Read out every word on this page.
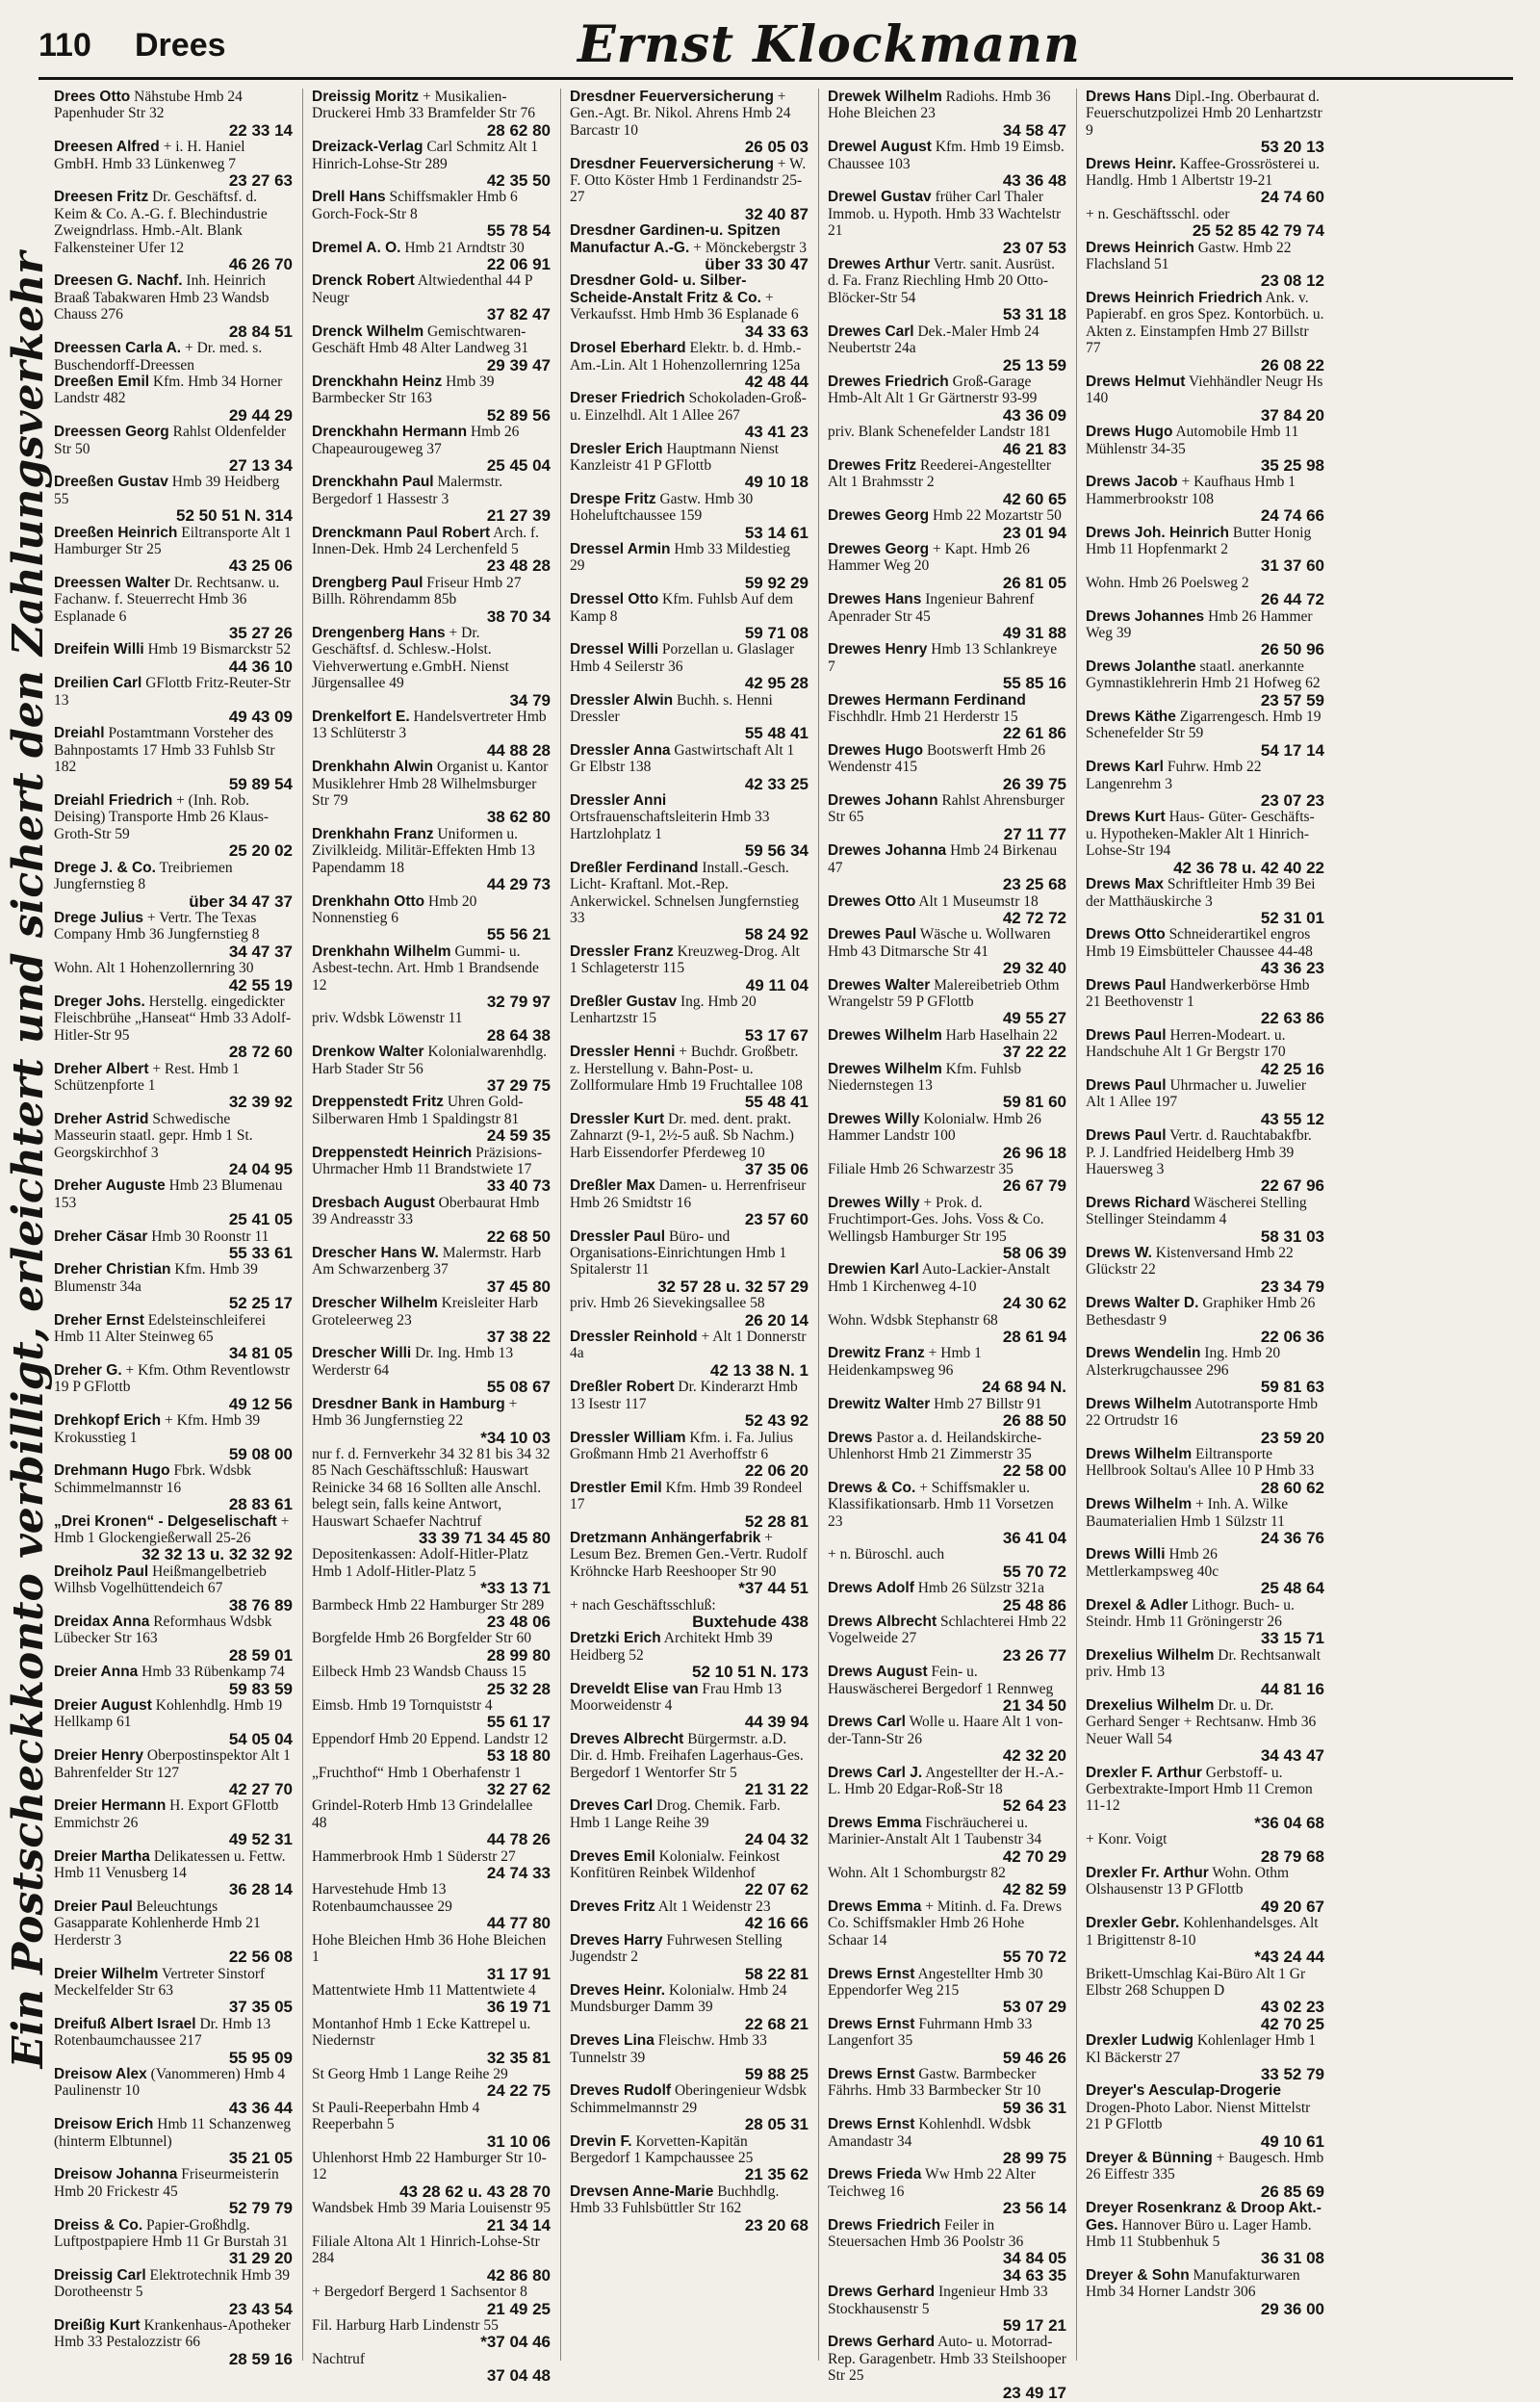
110 Drees	Ernst Klockmann
Ein Postscheckkonto verbilligt, erleichtert und sichert den Zahlungsverkehr
Drees Otto Nähstube Hmb 24 Papenhuder Str 32
22 33 14
Dreesen Alfred + i. H. Haniel GmbH. Hmb 33 Lünkenweg 7
23 27 63
Dreesen Fritz Dr. Geschäftsf. d. Keim & Co. A.-G. f. Blechindustrie Zweigndrlass. Hmb.-Alt. Blank Falkensteiner Ufer 12
46 26 70
Dreesen G. Nachf. Inh. Heinrich Braaß Tabakwaren Hmb 23 Wandsb Chauss 276
28 84 51
Dreessen Carla A. + Dr. med. s. Buschendorff-Dreessen
Dreeßen Emil Kfm. Hmb 34 Horner Landstr 482
29 44 29
Dreessen Georg Rahlst Oldenfelder Str 50
27 13 34
Dreeßen Gustav Hmb 39 Heidberg 55
52 50 51 N. 314
Dreeßen Heinrich Eiltransporte Alt 1 Hamburger Str 25
43 25 06
Dreessen Walter Dr. Rechtsanw. u. Fachanw. f. Steuerrecht Hmb 36 Esplanade 6
35 27 26
Dreifein Willi Hmb 19 Bismarckstr 52
44 36 10
Dreilien Carl GFlottb Fritz-Reuter-Str 13
49 43 09
Dreiahl Postamtmann Vorsteher des Bahnpostamts 17 Hmb 33 Fuhlsb Str 182
59 89 54
Dreiahl Friedrich + (Inh. Rob. Deising) Transporte Hmb 26 Klaus-Groth-Str 59
25 20 02
Drege J. & Co. Treibriemen Jungfernstieg 8
über 34 47 37
Drege Julius + Vertr. The Texas Company Hmb 36 Jungfernstieg 8
34 47 37
Wohn. Alt 1 Hohenzollernring 30
42 55 19
Dreger Johs. Herstellg. eingedickter Fleischbrühe „Hanseat“ Hmb 33 Adolf-Hitler-Str 95
28 72 60
Dreher Albert + Rest. Hmb 1 Schützenpforte 1
32 39 92
Dreher Astrid Schwedische Masseurin staatl. gepr. Hmb 1 St. Georgskirchhof 3
24 04 95
Dreher Auguste Hmb 23 Blumenau 153
25 41 05
Dreher Cäsar Hmb 30 Roonstr 11
55 33 61
Dreher Christian Kfm. Hmb 39 Blumenstr 34a
52 25 17
Dreher Ernst Edelsteinschleiferei Hmb 11 Alter Steinweg 65
34 81 05
Dreher G. + Kfm. Othm Reventlowstr 19 P GFlottb
49 12 56
Drehkopf Erich + Kfm. Hmb 39 Krokusstieg 1
59 08 00
Drehmann Hugo Fbrk. Wdsbk Schimmelmannstr 16
28 83 61
„Drei Kronen“ - Delgeselischaft + Hmb 1 Glockengießerwall 25-26
32 32 13 u. 32 32 92
Dreiholz Paul Heißmangelbetrieb Wilhsb Vogelhüttendeich 67
38 76 89
Dreidax Anna Reformhaus Wdsbk Lübecker Str 163
28 59 01
Dreier Anna Hmb 33 Rübenkamp 74
59 83 59
Dreier August Kohlenhdlg. Hmb 19 Hellkamp 61
54 05 04
Dreier Henry Oberpostinspektor Alt 1 Bahrenfelder Str 127
42 27 70
Dreier Hermann H. Export GFlottb Emmichstr 26
49 52 31
Dreier Martha Delikatessen u. Fettw. Hmb 11 Venusberg 14
36 28 14
Dreier Paul Beleuchtungs Gasapparate Kohlenherde Hmb 21 Herderstr 3
22 56 08
Dreier Wilhelm Vertreter Sinstorf Meckelfelder Str 63
37 35 05
Dreifuß Albert Israel Dr. Hmb 13 Rotenbaumchaussee 217
55 95 09
Dreisow Alex (Vanommeren) Hmb 4 Paulinenstr 10
43 36 44
Dreisow Erich Hmb 11 Schanzenweg (hinterm Elbtunnel)
35 21 05
Dreisow Johanna Friseurmeisterin Hmb 20 Frickestr 45
52 79 79
Dreiss & Co. Papier-Großhdlg. Luftpostpapiere Hmb 11 Gr Burstah 31
31 29 20
Dreissig Carl Elektrotechnik Hmb 39 Dorotheenstr 5
23 43 54
Dreißig Kurt Krankenhaus-Apotheker Hmb 33 Pestalozzistr 66
28 59 16
Dreissig Moritz + Musikalien-Druckerei Hmb 33 Bramfelder Str 76
28 62 80
Dreizack-Verlag Carl Schmitz Alt 1 Hinrich-Lohse-Str 289
42 35 50
Drell Hans Schiffsmakler Hmb 6 Gorch-Fock-Str 8
55 78 54
Dremel A. O. Hmb 21 Arndtstr 30
22 06 91
Drenck Robert Altwiedenthal 44 P Neugr
37 82 47
Drenck Wilhelm Gemischtwaren-Geschäft Hmb 48 Alter Landweg 31
29 39 47
Drenckhahn Heinz Hmb 39 Barmbecker Str 163
52 89 56
Drenckhahn Hermann Hmb 26 Chapeaurougeweg 37
25 45 04
Drenckhahn Paul Malermstr. Bergedorf 1 Hassestr 3
21 27 39
Drenckmann Paul Robert Arch. f. Innen-Dek. Hmb 24 Lerchenfeld 5
23 48 28
Drengberg Paul Friseur Hmb 27 Billh. Röhrendamm 85b
38 70 34
Drengenberg Hans + Dr. Geschäftsf. d. Schlesw.-Holst. Viehverwertung e.GmbH. Nienst Jürgensallee 49
34 79
Drenkelfort E. Handelsvertreter Hmb 13 Schlüterstr 3
44 88 28
Drenkhahn Alwin Organist u. Kantor Musiklehrer Hmb 28 Wilhelmsburger Str 79
38 62 80
Drenkhahn Franz Uniformen u. Zivilkleidg. Militär-Effekten Hmb 13 Papendamm 18
44 29 73
Drenkhahn Otto Hmb 20 Nonnenstieg 6
55 56 21
Drenkhahn Wilhelm Gummi- u. Asbest-techn. Art. Hmb 1 Brandsende 12
32 79 97
priv. Wdsbk Löwenstr 11
28 64 38
Drenkow Walter Kolonialwarenhdlg. Harb Stader Str 56
37 29 75
Dreppenstedt Fritz Uhren Gold-Silberwaren Hmb 1 Spaldingstr 81
24 59 35
Dreppenstedt Heinrich Präzisions-Uhrmacher Hmb 11 Brandstwiete 17
33 40 73
Dresbach August Oberbaurat Hmb 39 Andreasstr 33
22 68 50
Drescher Hans W. Malermstr. Harb Am Schwarzenberg 37
37 45 80
Drescher Wilhelm Kreisleiter Harb Groteleerweg 23
37 38 22
Drescher Willi Dr. Ing. Hmb 13 Werderstr 64
55 08 67
Dresdner Bank in Hamburg + Hmb 36 Jungfernstieg 22
*34 10 03
nur f. d. Fernverkehr 34 32 81 bis 34 32 85 Nach Geschäftsschluß: Hauswart Reinicke 34 68 16 Sollten alle Anschl. belegt sein, falls keine Antwort, Hauswart Schaefer Nachtruf
33 39 71 34 45 80
Depositenkassen: Adolf-Hitler-Platz Hmb 1 Adolf-Hitler-Platz 5
*33 13 71
Barmbeck Hmb 22 Hamburger Str 289
23 48 06
Borgfelde Hmb 26 Borgfelder Str 60
28 99 80
Eilbeck Hmb 23 Wandsb Chauss 15
25 32 28
Eimsb. Hmb 19 Tornquiststr 4
55 61 17
Eppendorf Hmb 20 Eppend. Landstr 12
53 18 80
„Fruchthof“ Hmb 1 Oberhafenstr 1
32 27 62
Grindel-Roterb Hmb 13 Grindelallee 48
44 78 26
Hammerbrook Hmb 1 Süderstr 27
24 74 33
Harvestehude Hmb 13 Rotenbaumchaussee 29
44 77 80
Hohe Bleichen Hmb 36 Hohe Bleichen 1
31 17 91
Mattentwiete Hmb 11 Mattentwiete 4
36 19 71
Montanhof Hmb 1 Ecke Kattrepel u. Niedernstr
32 35 81
St Georg Hmb 1 Lange Reihe 29
24 22 75
St Pauli-Reeperbahn Hmb 4 Reeperbahn 5
31 10 06
Uhlenhorst Hmb 22 Hamburger Str 10-12
43 28 62 u. 43 28 70
Wandsbek Hmb 39 Maria Louisenstr 95
21 34 14
Filiale Altona Alt 1 Hinrich-Lohse-Str 284
42 86 80
+ Bergedorf Bergerd 1 Sachsentor 8
21 49 25
Fil. Harburg Harb Lindenstr 55
*37 04 46
Nachtruf
37 04 48
Dresdner Feuerversicherung + Gen.-Agt. Br. Nikol. Ahrens Hmb 24 Barcastr 10
26 05 03
Dresdner Feuerversicherung + W. F. Otto Köster Hmb 1 Ferdinandstr 25-27
32 40 87
Dresdner Gardinen-u. Spitzen Manufactur A.-G. + Mönckebergstr 3
über 33 30 47
Dresdner Gold- u. Silber-Scheide-Anstalt Fritz & Co. + Verkaufsst. Hmb Hmb 36 Esplanade 6
34 33 63
Drosel Eberhard Elektr. b. d. Hmb.-Am.-Lin. Alt 1 Hohenzollernring 125a
42 48 44
Dreser Friedrich Schokoladen-Groß- u. Einzelhdl. Alt 1 Allee 267
43 41 23
Dresler Erich Hauptmann Nienst Kanzleistr 41 P GFlottb
49 10 18
Drespe Fritz Gastw. Hmb 30 Hoheluftchaussee 159
53 14 61
Dressel Armin Hmb 33 Mildestieg 29
59 92 29
Dressel Otto Kfm. Fuhlsb Auf dem Kamp 8
59 71 08
Dressel Willi Porzellan u. Glaslager Hmb 4 Seilerstr 36
42 95 28
Dressler Alwin Buchh. s. Henni Dressler
55 48 41
Dressler Anna Gastwirtschaft Alt 1 Gr Elbstr 138
42 33 25
Dressler Anni Ortsfrauenschaftsleiterin Hmb 33 Hartzlohplatz 1
59 56 34
Dreßler Ferdinand Install.-Gesch. Licht- Kraftanl. Mot.-Rep. Ankerwickel. Schnelsen Jungfernstieg 33
58 24 92
Dressler Franz Kreuzweg-Drog. Alt 1 Schlageterstr 115
49 11 04
Dreßler Gustav Ing. Hmb 20 Lenhartzstr 15
53 17 67
Dressler Henni + Buchdr. Großbetr. z. Herstellung v. Bahn-Post- u. Zollformulare Hmb 19 Fruchtallee 108
55 48 41
Dressler Kurt Dr. med. dent. prakt. Zahnarzt (9-1, 2½-5 auß. Sb Nachm.) Harb Eissendorfer Pferdeweg 10
37 35 06
Dreßler Max Damen- u. Herrenfriseur Hmb 26 Smidtstr 16
23 57 60
Dressler Paul Büro- und Organisations-Einrichtungen Hmb 1 Spitalerstr 11
32 57 28 u. 32 57 29
priv. Hmb 26 Sievekingsallee 58
26 20 14
Dressler Reinhold + Alt 1 Donnerstr 4a
42 13 38 N. 1
Dreßler Robert Dr. Kinderarzt Hmb 13 Isestr 117
52 43 92
Dressler William Kfm. i. Fa. Julius Großmann Hmb 21 Averhoffstr 6
22 06 20
Drestler Emil Kfm. Hmb 39 Rondeel 17
52 28 81
Dretzmann Anhängerfabrik + Lesum Bez. Bremen Gen.-Vertr. Rudolf Kröhncke Harb Reeshooper Str 90
*37 44 51
+ nach Geschäftsschluß:
Buxtehude 438
Dretzki Erich Architekt Hmb 39 Heidberg 52
52 10 51 N. 173
Dreveldt Elise van Frau Hmb 13 Moorweidenstr 4
44 39 94
Dreves Albrecht Bürgermstr. a.D. Dir. d. Hmb. Freihafen Lagerhaus-Ges. Bergedorf 1 Wentorfer Str 5
21 31 22
Dreves Carl Drog. Chemik. Farb. Hmb 1 Lange Reihe 39
24 04 32
Dreves Emil Kolonialw. Feinkost Konfitüren Reinbek Wildenhof
22 07 62
Dreves Fritz Alt 1 Weidenstr 23
42 16 66
Dreves Harry Fuhrwesen Stelling Jugendstr 2
58 22 81
Dreves Heinr. Kolonialw. Hmb 24 Mundsburger Damm 39
22 68 21
Dreves Lina Fleischw. Hmb 33 Tunnelstr 39
59 88 25
Dreves Rudolf Oberingenieur Wdsbk Schimmelmannstr 29
28 05 31
Drevin F. Korvetten-Kapitän Bergedorf 1 Kampchaussee 25
21 35 62
Drevsen Anne-Marie Buchhdlg. Hmb 33 Fuhlsbüttler Str 162
23 20 68
Drewek Wilhelm Radiohs. Hmb 36 Hohe Bleichen 23
34 58 47
Drewel August Kfm. Hmb 19 Eimsb. Chaussee 103
43 36 48
Drewel Gustav früher Carl Thaler Immob. u. Hypoth. Hmb 33 Wachtelstr 21
23 07 53
Drewes Arthur Vertr. sanit. Ausrüst. d. Fa. Franz Riechling Hmb 20 Otto-Blöcker-Str 54
53 31 18
Drewes Carl Dek.-Maler Hmb 24 Neubertstr 24a
25 13 59
Drewes Friedrich Groß-Garage Hmb-Alt Alt 1 Gr Gärtnerstr 93-99
43 36 09
priv. Blank Schenefelder Landstr 181
46 21 83
Drewes Fritz Reederei-Angestellter Alt 1 Brahmsstr 2
42 60 65
Drewes Georg Hmb 22 Mozartstr 50
23 01 94
Drewes Georg + Kapt. Hmb 26 Hammer Weg 20
26 81 05
Drewes Hans Ingenieur Bahrenf Apenrader Str 45
49 31 88
Drewes Henry Hmb 13 Schlankreye 7
55 85 16
Drewes Hermann Ferdinand Fischhdlr. Hmb 21 Herderstr 15
22 61 86
Drewes Hugo Bootswerft Hmb 26 Wendenstr 415
26 39 75
Drewes Johann Rahlst Ahrensburger Str 65
27 11 77
Drewes Johanna Hmb 24 Birkenau 47
23 25 68
Drewes Otto Alt 1 Museumstr 18
42 72 72
Drewes Paul Wäsche u. Wollwaren Hmb 43 Ditmarsche Str 41
29 32 40
Drewes Walter Malereibetrieb Othm Wrangelstr 59 P GFlottb
49 55 27
Drewes Wilhelm Harb Haselhain 22
37 22 22
Drewes Wilhelm Kfm. Fuhlsb Niedernstegen 13
59 81 60
Drewes Willy Kolonialw. Hmb 26 Hammer Landstr 100
26 96 18
Filiale Hmb 26 Schwarzestr 35
26 67 79
Drewes Willy + Prok. d. Fruchtimport-Ges. Johs. Voss & Co. Wellingsb Hamburger Str 195
58 06 39
Drewien Karl Auto-Lackier-Anstalt Hmb 1 Kirchenweg 4-10
24 30 62
Wohn. Wdsbk Stephanstr 68
28 61 94
Drewitz Franz + Hmb 1 Heidenkampsweg 96
24 68 94 N.
Drewitz Walter Hmb 27 Billstr 91
26 88 50
Drews Pastor a. d. Heilandskirche-Uhlenhorst Hmb 21 Zimmerstr 35
22 58 00
Drews & Co. + Schiffsmakler u. Klassifikationsarb. Hmb 11 Vorsetzen 23
36 41 04
+ n. Büroschl. auch
55 70 72
Drews Adolf Hmb 26 Sülzstr 321a
25 48 86
Drews Albrecht Schlachterei Hmb 22 Vogelweide 27
23 26 77
Drews August Fein- u. Hauswäscherei Bergedorf 1 Rennweg
21 34 50
Drews Carl Wolle u. Haare Alt 1 von-der-Tann-Str 26
42 32 20
Drews Carl J. Angestellter der H.-A.-L. Hmb 20 Edgar-Roß-Str 18
52 64 23
Drews Emma Fischräucherei u. Marinier-Anstalt Alt 1 Taubenstr 34
42 70 29
Wohn. Alt 1 Schomburgstr 82
42 82 59
Drews Emma + Mitinh. d. Fa. Drews Co. Schiffsmakler Hmb 26 Hohe Schaar 14
55 70 72
Drews Ernst Angestellter Hmb 30 Eppendorfer Weg 215
53 07 29
Drews Ernst Fuhrmann Hmb 33 Langenfort 35
59 46 26
Drews Ernst Gastw. Barmbecker Fährhs. Hmb 33 Barmbecker Str 10
59 36 31
Drews Ernst Kohlenhdl. Wdsbk Amandastr 34
28 99 75
Drews Frieda Ww Hmb 22 Alter Teichweg 16
23 56 14
Drews Friedrich Feiler in Steuersachen Hmb 36 Poolstr 36
34 84 05
34 63 35
Drews Gerhard Ingenieur Hmb 33 Stockhausenstr 5
59 17 21
Drews Gerhard Auto- u. Motorrad-Rep. Garagenbetr. Hmb 33 Steilshooper Str 25
23 49 17
Drews Hans Dipl.-Ing. Oberbaurat d. Feuerschutzpolizei Hmb 20 Lenhartzstr 9
53 20 13
Drews Heinr. Kaffee-Grossrösterei u. Handlg. Hmb 1 Albertstr 19-21
24 74 60
+ n. Geschäftsschl. oder
25 52 85 42 79 74
Drews Heinrich Gastw. Hmb 22 Flachsland 51
23 08 12
Drews Heinrich Friedrich Ank. v. Papierabf. en gros Spez. Kontorbüch. u. Akten z. Einstampfen Hmb 27 Billstr 77
26 08 22
Drews Helmut Viehhändler Neugr Hs 140
37 84 20
Drews Hugo Automobile Hmb 11 Mühlenstr 34-35
35 25 98
Drews Jacob + Kaufhaus Hmb 1 Hammerbrookstr 108
24 74 66
Drews Joh. Heinrich Butter Honig Hmb 11 Hopfenmarkt 2
31 37 60
Wohn. Hmb 26 Poelsweg 2
26 44 72
Drews Johannes Hmb 26 Hammer Weg 39
26 50 96
Drews Jolanthe staatl. anerkannte Gymnastiklehrerin Hmb 21 Hofweg 62
23 57 59
Drews Käthe Zigarrengesch. Hmb 19 Schenefelder Str 59
54 17 14
Drews Karl Fuhrw. Hmb 22 Langenrehm 3
23 07 23
Drews Kurt Haus- Güter- Geschäfts- u. Hypotheken-Makler Alt 1 Hinrich-Lohse-Str 194
42 36 78 u. 42 40 22
Drews Max Schriftleiter Hmb 39 Bei der Matthäuskirche 3
52 31 01
Drews Otto Schneiderartikel engros Hmb 19 Eimsbütteler Chaussee 44-48
43 36 23
Drews Paul Handwerkerbörse Hmb 21 Beethovenstr 1
22 63 86
Drews Paul Herren-Modeart. u. Handschuhe Alt 1 Gr Bergstr 170
42 25 16
Drews Paul Uhrmacher u. Juwelier Alt 1 Allee 197
43 55 12
Drews Paul Vertr. d. Rauchtabakfbr. P. J. Landfried Heidelberg Hmb 39 Hauersweg 3
22 67 96
Drews Richard Wäscherei Stelling Stellinger Steindamm 4
58 31 03
Drews W. Kistenversand Hmb 22 Glückstr 22
23 34 79
Drews Walter D. Graphiker Hmb 26 Bethesdastr 9
22 06 36
Drews Wendelin Ing. Hmb 20 Alsterkrugchaussee 296
59 81 63
Drews Wilhelm Autotransporte Hmb 22 Ortrudstr 16
23 59 20
Drews Wilhelm Eiltransporte Hellbrook Soltau's Allee 10 P Hmb 33
28 60 62
Drews Wilhelm + Inh. A. Wilke Baumaterialien Hmb 1 Sülzstr 11
24 36 76
Drews Willi Hmb 26 Mettlerkampsweg 40c
25 48 64
Drexel & Adler Lithogr. Buch- u. Steindr. Hmb 11 Gröningerstr 26
33 15 71
Drexelius Wilhelm Dr. Rechtsanwalt priv. Hmb 13
44 81 16
Drexelius Wilhelm Dr. u. Dr. Gerhard Senger + Rechtsanw. Hmb 36 Neuer Wall 54
34 43 47
Drexler F. Arthur Gerbstoff- u. Gerbextrakte-Import Hmb 11 Cremon 11-12
*36 04 68
+ Konr. Voigt
28 79 68
Drexler Fr. Arthur Wohn. Othm Olshausenstr 13 P GFlottb
49 20 67
Drexler Gebr. Kohlenhandelsges. Alt 1 Brigittenstr 8-10
*43 24 44
Brikett-Umschlag Kai-Büro Alt 1 Gr Elbstr 268 Schuppen D
43 02 23
42 70 25
Drexler Ludwig Kohlenlager Hmb 1 Kl Bäckerstr 27
33 52 79
Dreyer's Aesculap-Drogerie Drogen-Photo Labor. Nienst Mittelstr 21 P GFlottb
49 10 61
Dreyer & Bünning + Baugesch. Hmb 26 Eiffestr 335
26 85 69
Dreyer Rosenkranz & Droop Akt.-Ges. Hannover Büro u. Lager Hamb. Hmb 11 Stubbenhuk 5
36 31 08
Dreyer & Sohn Manufakturwaren Hmb 34 Horner Landstr 306
29 36 00
